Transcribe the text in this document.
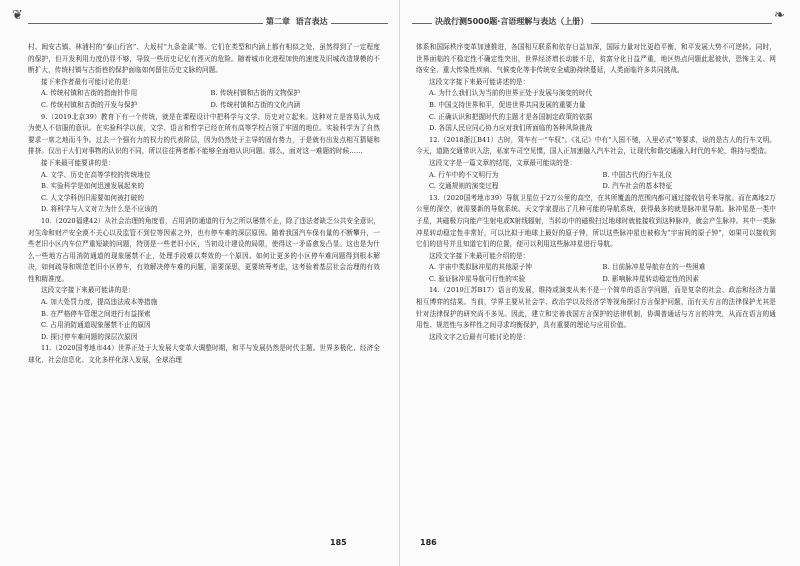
❦	第二章 语言表达

村、闽安古镇、林浦村的“泰山行宫”、大坂村“九条金溪”等。它们在类型和内涵上都有相似之处，虽然得到了一定程度的保护，但开发利用力度仍显不够，导致一些历史记忆有湮灭的危险。随着城市化进程加快的速度及旧城改造规模的不断扩大，传统村镇与古街巷的保护面临如何留住历史文脉的问题。

接下来作者最有可能讨论的是：

A. 传统村镇和古街的指南针作用	B. 传统村镇和古街的文物保护
C. 传统村镇和古街的开发与保护	D. 传统村镇和古街的文化内涵

9.（2019北京39）教育下有一个传统，就是在课程设计中把科学与文学、历史对立起来。这种对立是容易认为成为使人不信服的意识。在实验科学以前，文学、语言和哲学已经在所有高等学校占领了牢固的地位。实验科学为了自然要求一席之地而斗争。过去一个强有力的权力的代表阶层，因为仍然处于主导的固有势力，于是就有出发点相互猜疑和排挤。仅出于人们对事物的认识的不同，所以往往两者都不能够全面地认识问题。那么，面对这一难题的时候……

接下来最可能要讲的是：

A. 文学、历史在高等学校的传统地位

B. 实验科学是如何迅速发展起来的

C. 人文学科仍旧需要如何被打破的

D. 将科学与人文对立为什么是不应该的

10.（2020福建42）从社会治理的角度看，占用消防通道的行为之所以屡禁不止，除了违法者缺乏公共安全意识，对生命和财产安全漠不关心以及监管不到位等因素之外，也有停车难的深层原因。随着我国汽车保有量的不断攀升，一些老旧小区内车位严重短缺的问题，特别是一些老旧小区，当初设计建设的局限，使得这一矛盾愈发凸显。这也是为什么一些地方占用消防通道的现象屡禁不止，处理手段难以奏效的一个原因。如何让更多的小区停车难问题得到根本解决，如何疏导和规范老旧小区停车，有效解决停车难的问题，需要深思，更要统筹考虑，这考验着基层社会治理的有效性和精准度。

这段文字接下来最可能讲的是：

A. 加大处罚力度，提高违法成本等措施

B. 在严格停车管理之间进行有益探索

C. 占用消防通道现象屡禁不止的原因

D. 探讨停车难问题的深层次原因

11.（2020国考地市44）世界正处于大发展大变革大调整时期，和平与发展仍然是时代主题。世界多极化、经济全球化、社会信息化、文化多样化深入发展，全球治理

185
决战行测5000题·言语理解与表达（上册）	❧

体系和国际秩序变革加速推进，各国相互联系和依存日益加深，国际力量对比更趋平衡，和平发展大势不可逆转。同时，世界面临的不稳定性不确定性突出，世界经济增长动能不足，贫富分化日益严重，地区热点问题此起彼伏，恐怖主义、网络安全、重大传染性疾病、气候变化等非传统安全威胁持续蔓延，人类面临许多共同挑战。

这段文字接下来最可能讲述的是：

A. 为什么我们认为当前的世界正处于发展与演变的时代

B. 中国支持世界和平，促进世界共同发展的重要力量

C. 正确认识和把握时代的主题才是各国制定政策的依据

D. 各国人民应同心协力应对我们所面临的各种风险挑战

12.（2018浙江B41）古时，驾车有一“车驭”。《礼记》中有“入国不驰，入里必式”等要求，说的是古人的行车文明。今天，道路交通常识入法，私家车司空见惯，国人正加速融入汽车社会，让现代和谐交通融入时代的车轮，维持与塑造。

这段文字是一篇文章的结尾，文章最可能谈的是：

A. 行车中的不文明行为	B. 中国古代的行车礼仪
C. 交通规则的演变过程	D. 汽车社会的基本特征

13.（2020国考地市39）导航卫星位于2万公里的高空，在其所覆盖的范围内都可通过接收信号来导航。而在离地2万公里的深空，就需要新的导航系统。天文学家提出了几种可能的导航系统，获得最多的就是脉冲星导航。脉冲星是一类中子星，其磁极方向能产生射电或X射线辐射，当转动中的磁极扫过地球时就能接收到这种脉冲，就会产生脉冲。其中一类脉冲星转动稳定性非常好，可以比拟于地球上最好的原子钟，所以这些脉冲星也被称为“宇宙间的原子钟”，如果可以接收到它们的信号并且知道它们的位置，便可以利用这些脉冲星进行导航。

这段文字接下来最可能介绍的是：

A. 宇宙中类似脉冲星的其他原子钟	B. 目前脉冲星导航存在的一些困难
C. 验证脉冲星导航可行性的实验	D. 影响脉冲星转动稳定性的因素

14.（2019江苏B17）语言的发展，维持或演变从来不是一个简单的语言学问题，而是复杂的社会、政治和经济力量相互博弈的结果。当前，学界主要从社会学、政治学以及经济学等视角探讨方言保护问题，而有关方言的法律保护尤其是针对法律保护的研究尚不多见。因此，建立和完善我国方言保护的法律机制，协调普通话与方言的冲突，从而在语言的通用性、规范性与多样性之间寻求均衡保护，具有重要的理论与应用价值。

这段文字之后最有可能讨论的是：

186
